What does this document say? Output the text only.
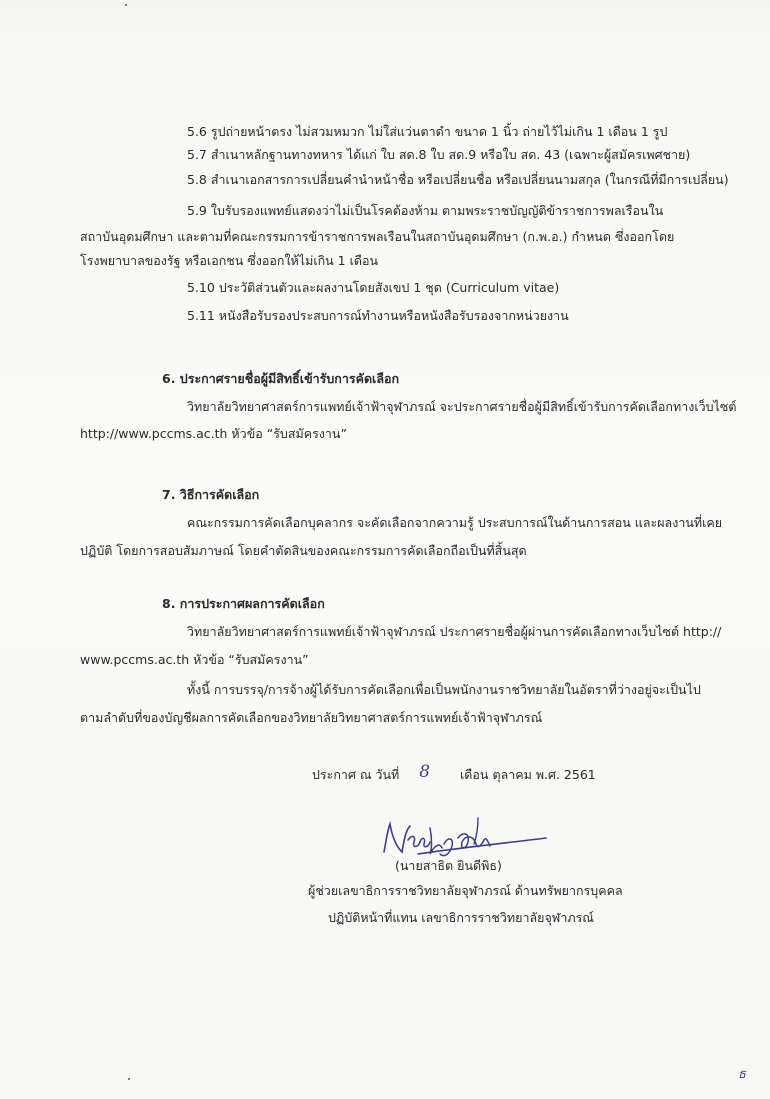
5.6 รูปถ่ายหน้าตรง ไม่สวมหมวก ไม่ใส่แว่นตาดำ ขนาด 1 นิ้ว ถ่ายไว้ไม่เกิน 1 เดือน 1 รูป
5.7 สำเนาหลักฐานทางทหาร ได้แก่ ใบ สด.8 ใบ สด.9 หรือใบ สด. 43 (เฉพาะผู้สมัครเพศชาย)
5.8 สำเนาเอกสารการเปลี่ยนคำนำหน้าชื่อ หรือเปลี่ยนชื่อ หรือเปลี่ยนนามสกุล (ในกรณีที่มีการเปลี่ยน)
5.9 ใบรับรองแพทย์แสดงว่าไม่เป็นโรคต้องห้าม ตามพระราชบัญญัติข้าราชการพลเรือนใน
สถาบันอุดมศึกษา และตามที่คณะกรรมการข้าราชการพลเรือนในสถาบันอุดมศึกษา (ก.พ.อ.) กำหนด ซึ่งออกโดย
โรงพยาบาลของรัฐ หรือเอกชน ซึ่งออกให้ไม่เกิน 1 เดือน
5.10 ประวัติส่วนตัวและผลงานโดยสังเขป 1 ชุด (Curriculum vitae)
5.11 หนังสือรับรองประสบการณ์ทำงานหรือหนังสือรับรองจากหน่วยงาน
6. ประกาศรายชื่อผู้มีสิทธิ์เข้ารับการคัดเลือก
วิทยาลัยวิทยาศาสตร์การแพทย์เจ้าฟ้าจุฬาภรณ์ จะประกาศรายชื่อผู้มีสิทธิ์เข้ารับการคัดเลือกทางเว็บไซต์
http://www.pccms.ac.th หัวข้อ “รับสมัครงาน”
7. วิธีการคัดเลือก
คณะกรรมการคัดเลือกบุคลากร จะคัดเลือกจากความรู้ ประสบการณ์ในด้านการสอน และผลงานที่เคย
ปฏิบัติ โดยการสอบสัมภาษณ์ โดยคำตัดสินของคณะกรรมการคัดเลือกถือเป็นที่สิ้นสุด
8. การประกาศผลการคัดเลือก
วิทยาลัยวิทยาศาสตร์การแพทย์เจ้าฟ้าจุฬาภรณ์ ประกาศรายชื่อผู้ผ่านการคัดเลือกทางเว็บไซต์ http://
www.pccms.ac.th หัวข้อ “รับสมัครงาน”
ทั้งนี้ การบรรจุ/การจ้างผู้ได้รับการคัดเลือกเพื่อเป็นพนักงานราชวิทยาลัยในอัตราที่ว่างอยู่จะเป็นไป
ตามลำดับที่ของบัญชีผลการคัดเลือกของวิทยาลัยวิทยาศาสตร์การแพทย์เจ้าฟ้าจุฬาภรณ์
ประกาศ ณ วันที่ 8 เดือน ตุลาคม พ.ศ. 2561
(นายสาธิต ยินดีพิธ)
ผู้ช่วยเลขาธิการราชวิทยาลัยจุฬาภรณ์ ด้านทรัพยากรบุคคล
ปฏิบัติหน้าที่แทน เลขาธิการราชวิทยาลัยจุฬาภรณ์
ธ
